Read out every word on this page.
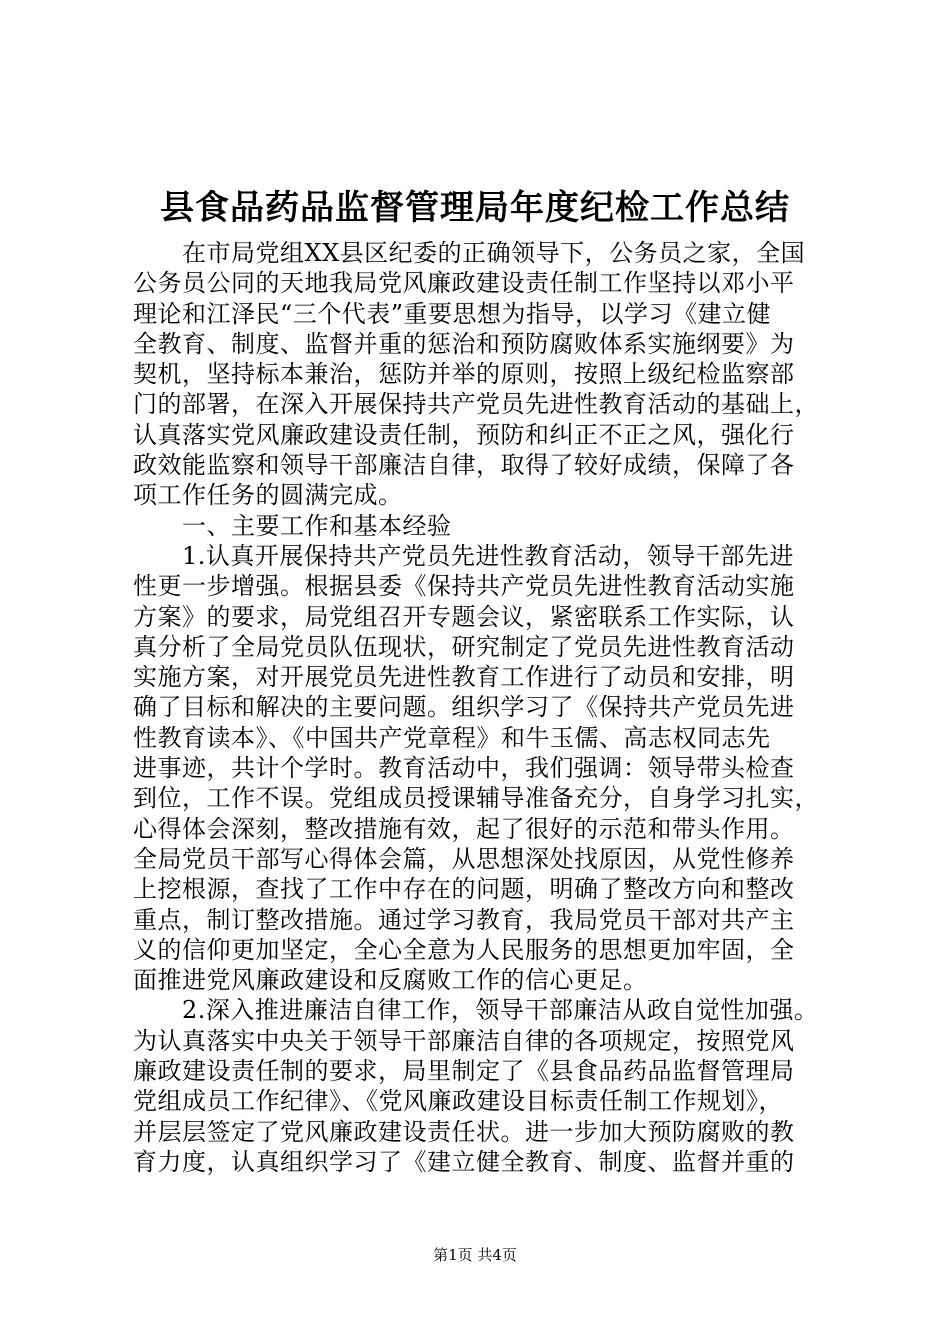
县食品药品监督管理局年度纪检工作总结
　　在市局党组XX县区纪委的正确领导下，公务员之家，全国
公务员公同的天地我局党风廉政建设责任制工作坚持以邓小平
理论和江泽民“三个代表”重要思想为指导，以学习《建立健
全教育、制度、监督并重的惩治和预防腐败体系实施纲要》为
契机，坚持标本兼治，惩防并举的原则，按照上级纪检监察部
门的部署，在深入开展保持共产党员先进性教育活动的基础上，
认真落实党风廉政建设责任制，预防和纠正不正之风，强化行
政效能监察和领导干部廉洁自律，取得了较好成绩，保障了各
项工作任务的圆满完成。
　　一、主要工作和基本经验
　　1.认真开展保持共产党员先进性教育活动，领导干部先进
性更一步增强。根据县委《保持共产党员先进性教育活动实施
方案》的要求，局党组召开专题会议，紧密联系工作实际，认
真分析了全局党员队伍现状，研究制定了党员先进性教育活动
实施方案，对开展党员先进性教育工作进行了动员和安排，明
确了目标和解决的主要问题。组织学习了《保持共产党员先进
性教育读本》、《中国共产党章程》和牛玉儒、高志权同志先
进事迹，共计个学时。教育活动中，我们强调：领导带头检查
到位，工作不误。党组成员授课辅导准备充分，自身学习扎实，
心得体会深刻，整改措施有效，起了很好的示范和带头作用。
全局党员干部写心得体会篇，从思想深处找原因，从党性修养
上挖根源，查找了工作中存在的问题，明确了整改方向和整改
重点，制订整改措施。通过学习教育，我局党员干部对共产主
义的信仰更加坚定，全心全意为人民服务的思想更加牢固，全
面推进党风廉政建设和反腐败工作的信心更足。
　　2.深入推进廉洁自律工作，领导干部廉洁从政自觉性加强。
为认真落实中央关于领导干部廉洁自律的各项规定，按照党风
廉政建设责任制的要求，局里制定了《县食品药品监督管理局
党组成员工作纪律》、《党风廉政建设目标责任制工作规划》，
并层层签定了党风廉政建设责任状。进一步加大预防腐败的教
育力度，认真组织学习了《建立健全教育、制度、监督并重的
第1页 共4页
